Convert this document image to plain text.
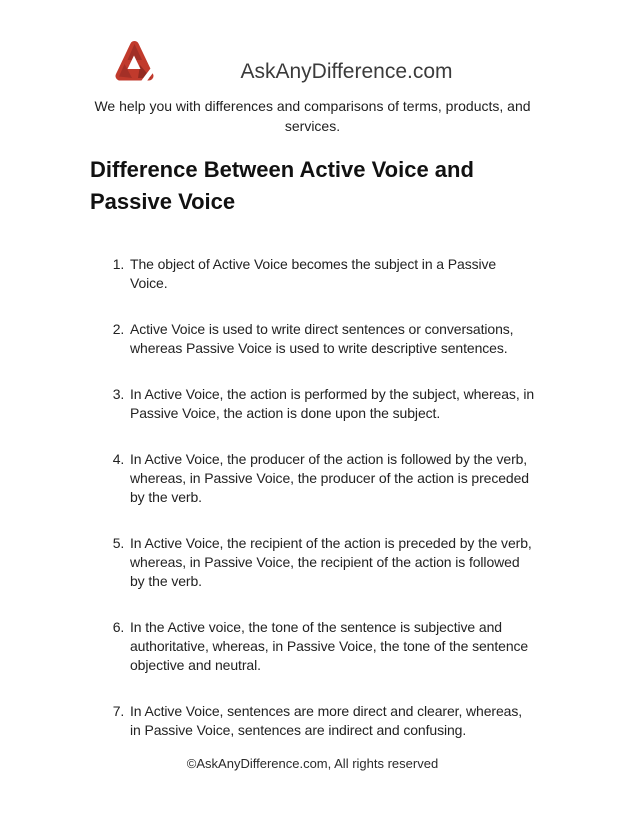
AskAnyDifference.com

We help you with differences and comparisons of terms, products, and services.

Difference Between Active Voice and Passive Voice
1. The object of Active Voice becomes the subject in a Passive Voice.
2. Active Voice is used to write direct sentences or conversations, whereas Passive Voice is used to write descriptive sentences.
3. In Active Voice, the action is performed by the subject, whereas, in Passive Voice, the action is done upon the subject.
4. In Active Voice, the producer of the action is followed by the verb, whereas, in Passive Voice, the producer of the action is preceded by the verb.
5. In Active Voice, the recipient of the action is preceded by the verb, whereas, in Passive Voice, the recipient of the action is followed by the verb.
6. In the Active voice, the tone of the sentence is subjective and authoritative, whereas, in Passive Voice, the tone of the sentence objective and neutral.
7. In Active Voice, sentences are more direct and clearer, whereas, in Passive Voice, sentences are indirect and confusing.
©AskAnyDifference.com, All rights reserved
